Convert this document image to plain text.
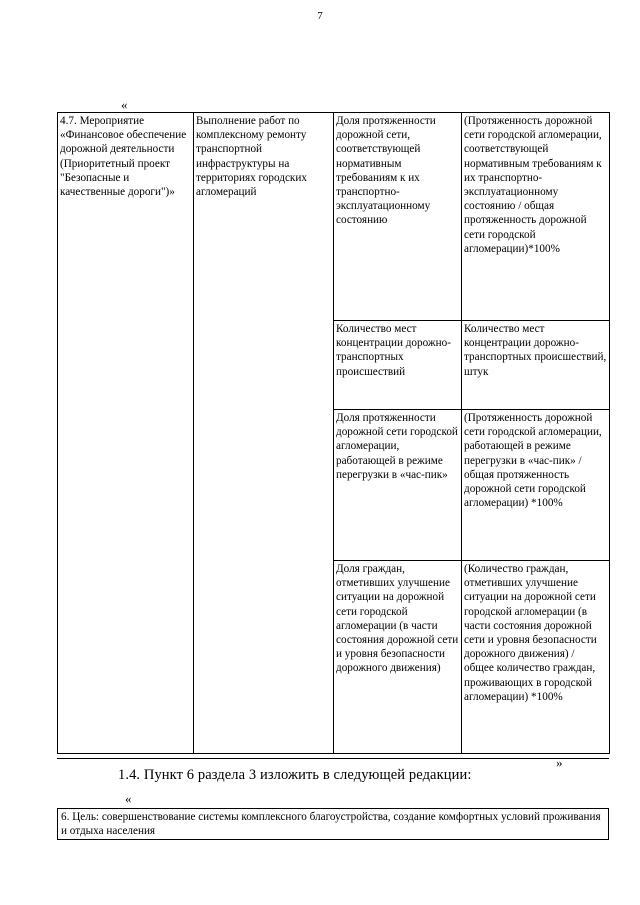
7
«
4.7. Мероприятие «Финансовое обеспечение дорожной деятельности (Приоритетный проект "Безопасные и качественные дороги")»	Выполнение работ по комплексному ремонту транспортной инфраструктуры на территориях городских агломераций	Доля протяженности дорожной сети, соответствующей нормативным требованиям к их транспортно-эксплуатационному состоянию	(Протяженность дорожной сети городской агломерации, соответствующей нормативным требованиям к их транспортно-эксплуатационному состоянию / общая протяженность дорожной сети городской агломерации)*100%
		Количество мест концентрации дорожно-транспортных происшествий	Количество мест концентрации дорожно-транспортных происшествий, штук
		Доля протяженности дорожной сети городской агломерации, работающей в режиме перегрузки в «час-пик»	(Протяженность дорожной сети городской агломерации, работающей в режиме перегрузки в «час-пик» / общая протяженность дорожной сети городской агломерации) *100%
		Доля граждан, отметивших улучшение ситуации на дорожной сети городской агломерации (в части состояния дорожной сети и уровня безопасности дорожного движения)	(Количество граждан, отметивших улучшение ситуации на дорожной сети городской агломерации (в части состояния дорожной сети и уровня безопасности дорожного движения) / общее количество граждан, проживающих в городской агломерации) *100%
»
1.4. Пункт 6 раздела 3 изложить в следующей редакции:
«
6. Цель: совершенствование системы комплексного благоустройства, создание комфортных условий проживания и отдыха населения
